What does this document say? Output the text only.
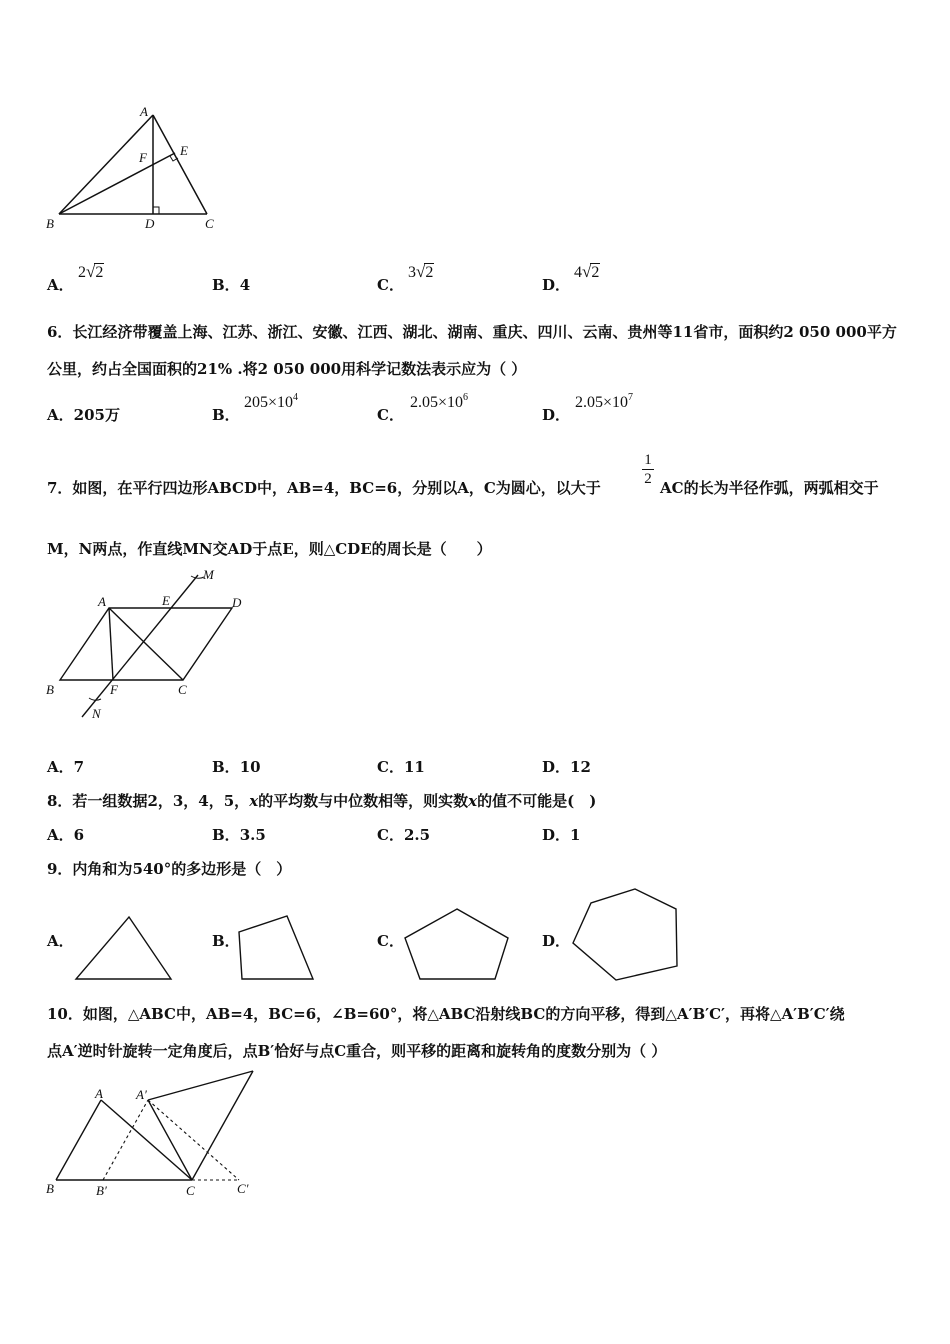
A
E
F
B	D	C
A．
2√2
B．4	C．
3√2
D．
4√2
6．长江经济带覆盖上海、江苏、浙江、安徽、江西、湖北、湖南、重庆、四川、云南、贵州等11省市，面积约2 050 000平方
公里，约占全国面积的21% .将2 050 000用科学记数法表示应为（ ）
A．205万	B．
$205\times 10^4$
C．
$2.05\times 10^6$
D．
$2.05\times 10^7$
7．如图，在平行四边形ABCD中，AB=4，BC=6，分别以A，C为圆心，以大于	$\frac{1}{2}$ AC的长为半径作弧，两弧相交于
M，N两点，作直线MN交AD于点E，则△CDE的周长是（　　）
A	E	D
M
B	F	C
N
A．7	B．10	C．11	D．12
8．若一组数据2，3，4，5，x的平均数与中位数相等，则实数x的值不可能是(　)
A．6	B．3.5	C．2.5	D．1
9．内角和为540°的多边形是（　）
A．	B．	C．	D．
10．如图，△ABC中，AB=4，BC=6，∠B=60°，将△ABC沿射线BC的方向平移，得到△A′B′C′，再将△A′B′C′绕
点A′逆时针旋转一定角度后，点B′恰好与点C重合，则平移的距离和旋转角的度数分别为（ ）
A	A′
B	B′	C	C′
